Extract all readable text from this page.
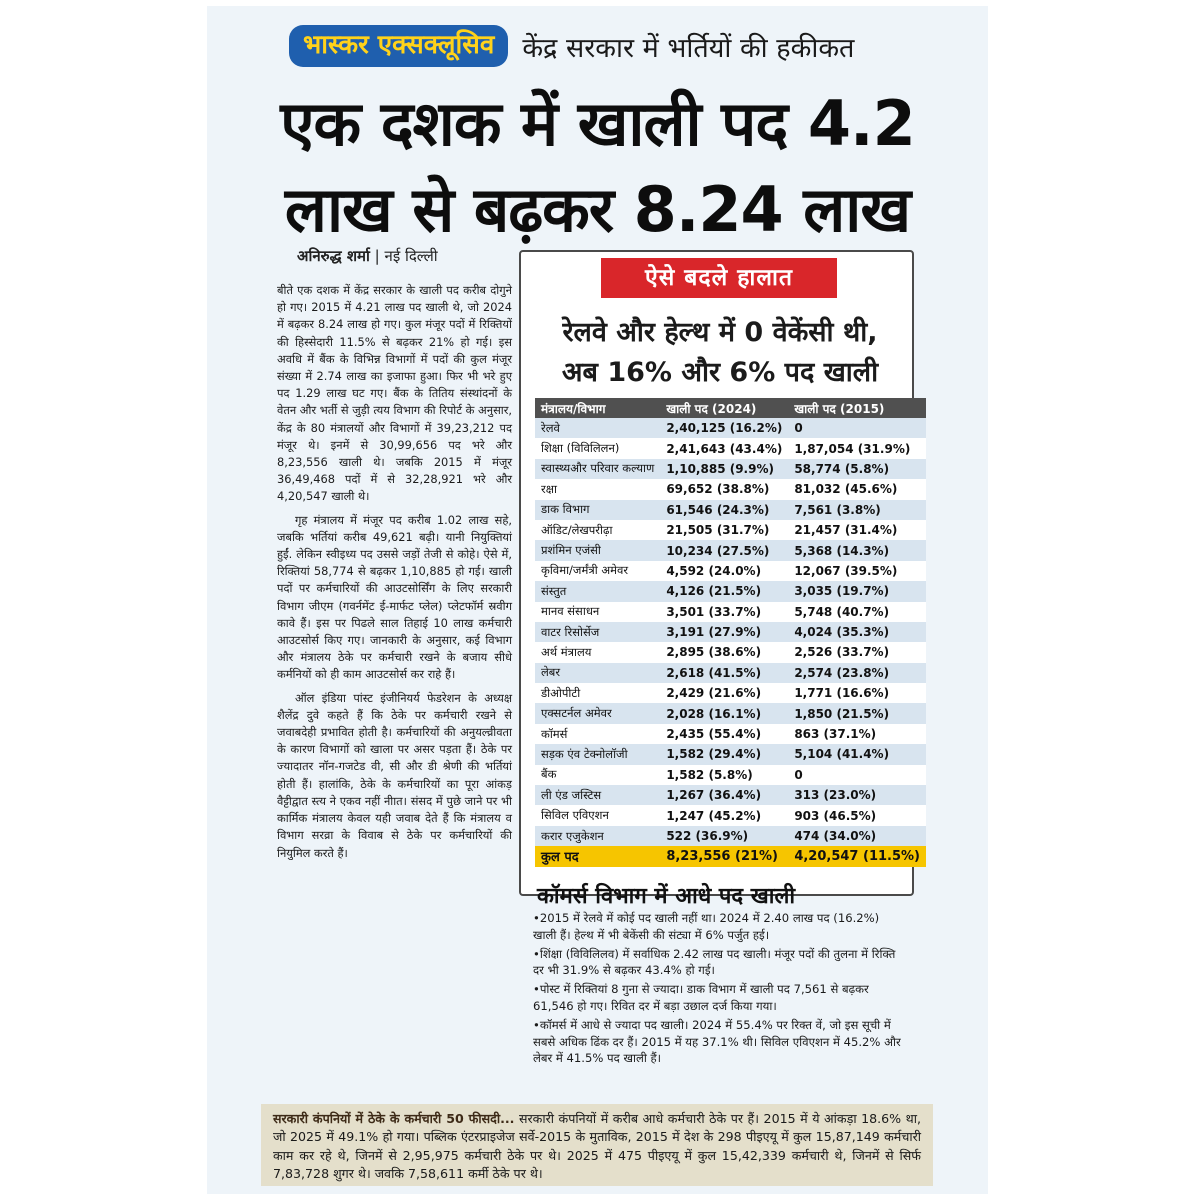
भास्कर एक्सक्लूसिव	केंद्र सरकार में भर्तियों की हकीकत
एक दशक में खाली पद 4.2
लाख से बढ़कर 8.24 लाख
अनिरुद्ध शर्मा | नई दिल्ली

बीते एक दशक में केंद्र सरकार के खाली पद करीब दोगुने हो गए। 2015 में 4.21 लाख पद खाली थे, जो 2024 में बढ़कर 8.24 लाख हो गए। कुल मंजूर पदों में रिक्तियों की हिस्सेदारी 11.5% से बढ़कर 21% हो गई। इस अवधि में बैंक के विभिन्न विभागों में पदों की कुल मंजूर संख्या में 2.74 लाख का इजाफा हुआ। फिर भी भरे हुए पद 1.29 लाख घट गए। बैंक के तितिय संस्थांदनों के वेतन और भर्ती से जुड़ी त्यय विभाग की रिपोर्ट के अनुसार, केंद्र के 80 मंत्रालयों और विभागों में 39,23,212 पद मंजूर थे। इनमें से 30,99,656 पद भरे और 8,23,556 खाली थे। जबकि 2015 में मंजूर 36,49,468 पदों में से 32,28,921 भरे और 4,20,547 खाली थे।

गृह मंत्रालय में मंजूर पद करीब 1.02 लाख सहे, जबकि भर्तियां करीब 49,621 बढ़ी। यानी नियुक्तियां हुईं. लेकिन स्वीइध्य पद उससे जड़ों तेजी से कोहे। ऐसे में, रिक्तियां 58,774 से बढ़कर 1,10,885 हो गई। खाली पदों पर कर्मचारियों की आउटसोर्सिंग के लिए सरकारी विभाग जीएम (गवर्नमेंट ई-मार्फट प्लेल) प्लेटफॉर्म स्रवीग कावे हैं। इस पर पिढले साल तिहाई 10 लाख कर्मचारी आउटसोर्स किए गए। जानकारी के अनुसार, कई विभाग और मंत्रालय ठेके पर कर्मचारी रखने के बजाय सीधे कर्मनियों को ही काम आउटसोर्स कर राहे हैं।

ऑल इंडिया पांस्ट इंजीनियर्य फेडरेशन के अध्यक्ष शैलेंद्र दुवे कहते हैं कि ठेके पर कर्मचारी रखने से जवाबदेही प्रभावित होती है। कर्मचारियों की अनुयल्व्रीवता के कारण विभागों को खाला पर असर पड़ता हैं। ठेके पर ज्यादातर नॉन-गजटेड वी, सी और डी श्रेणी की भर्तियां होती हैं। हालांकि, ठेके के कर्मचारियों का पूरा आंकड़ वैट्टीद्वात स्त्य ने एकव नहीं नीात। संसद में पुछे जाने पर भी कार्मिक मंत्रालय केवल यही जवाब देते हैं कि मंत्रालय व विभाग सरव्रा के विवाब से ठेके पर कर्मचारियों की नियुमिल करते हैं।

ऐसे बदले हालात
रेलवे और हेल्थ में 0 वेकेंसी थी,
अब 16% और 6% पद खाली
मंत्रालय/विभाग	खाली पद (2024)	खाली पद (2015)
रेलवे	2,40,125 (16.2%)	0
शिक्षा (विविलिलन)	2,41,643 (43.4%)	1,87,054 (31.9%)
स्वास्थ्यऔर परिवार कल्याण	1,10,885 (9.9%)	58,774 (5.8%)
रक्षा	69,652 (38.8%)	81,032 (45.6%)
डाक विभाग	61,546 (24.3%)	7,561 (3.8%)
ऑडिट/लेखपरीढ़ा	21,505 (31.7%)	21,457 (31.4%)
प्रशंमिन एजंसी	10,234 (27.5%)	5,368 (14.3%)
कृविमा/जर्मंत्री अमेवर	4,592 (24.0%)	12,067 (39.5%)
संस्तुत	4,126 (21.5%)	3,035 (19.7%)
मानव संसाधन	3,501 (33.7%)	5,748 (40.7%)
वाटर रिसोर्सेज	3,191 (27.9%)	4,024 (35.3%)
अर्थ मंत्रालय	2,895 (38.6%)	2,526 (33.7%)
लेबर	2,618 (41.5%)	2,574 (23.8%)
डीओपीटी	2,429 (21.6%)	1,771 (16.6%)
एक्सटर्नल अमेवर	2,028 (16.1%)	1,850 (21.5%)
कॉमर्स	2,435 (55.4%)	863 (37.1%)
सड़क एंव टेक्नोलॉजी	1,582 (29.4%)	5,104 (41.4%)
बैंक	1,582 (5.8%)	0
ली एंड जस्टिस	1,267 (36.4%)	313 (23.0%)
सिविल एविएशन	1,247 (45.2%)	903 (46.5%)
करार एजुकेशन	522 (36.9%)	474 (34.0%)
कुल पद	8,23,556 (21%)	4,20,547 (11.5%)
कॉमर्स विभाग में आधे पद खाली
• 2015 में रेलवे में कोई पद खाली नहीं था। 2024 में 2.40 लाख पद (16.2%) खाली हैं। हेल्थ में भी बेकेंसी की संट्या में 6% पर्जुत हई।
• शिंक्षा (विविलिलव) में सर्वाधिक 2.42 लाख पद खाली। मंजूर पदों की तुलना में रिक्ति दर भी 31.9% से बढ़कर 43.4% हो गई।
• पोस्ट में रिक्तियां 8 गुना से ज्यादा। डाक विभाग में खाली पद 7,561 से बढ़कर 61,546 हो गए। रिवित दर में बड़ा उछाल दर्ज किया गया।
• कॉमर्स में आधे से ज्यादा पद खाली। 2024 में 55.4% पर रिक्त वें, जो इस सूची में सबसे अधिक ढिंक दर हैं। 2015 में यह 37.1% थी। सिविल एविएशन में 45.2% और लेबर में 41.5% पद खाली हैं।
सरकारी कंपनियों में ठेके के कर्मचारी 50 फीसदी... सरकारी कंपनियों में करीब आधे कर्मचारी ठेके पर हैं। 2015 में ये आंकड़ा 18.6% था, जो 2025 में 49.1% हो गया। पब्लिक एंटरप्राइजेज सर्वे-2015 के मुताविक, 2015 में देश के 298 पीइएयू में कुल 15,87,149 कर्मचारी काम कर रहे थे, जिनमें से 2,95,975 कर्मचारी ठेके पर थे। 2025 में 475 पीइएयू में कुल 15,42,339 कर्मचारी थे, जिनमें से सिर्फ 7,83,728 शुगर थे। जवकि 7,58,611 कर्मी ठेके पर थे।
